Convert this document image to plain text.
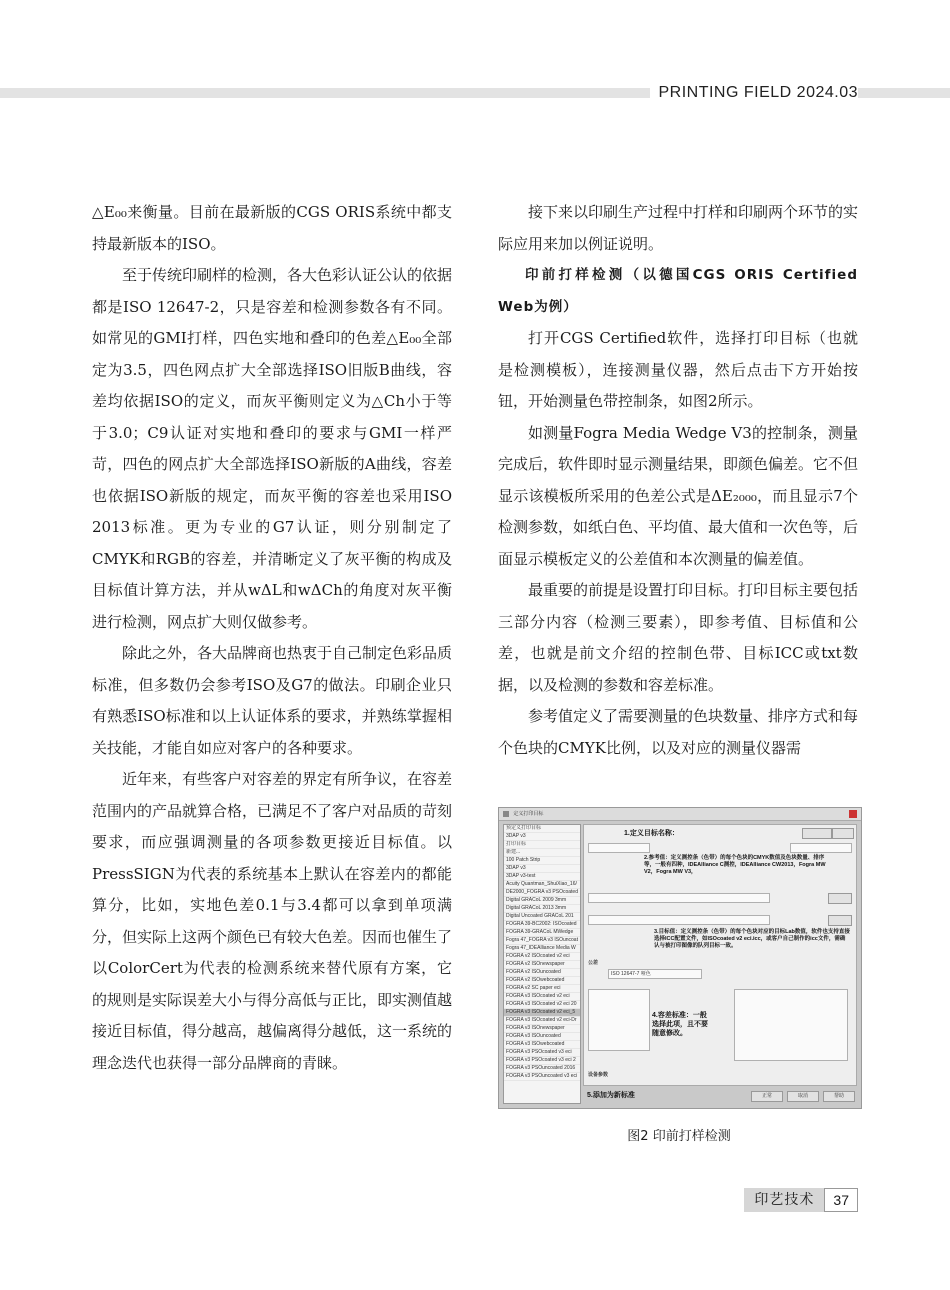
PRINTING FIELD 2024.03

△E₀₀来衡量。目前在最新版的CGS ORIS系统中都支持最新版本的ISO。

至于传统印刷样的检测，各大色彩认证公认的依据都是ISO 12647-2，只是容差和检测参数各有不同。如常见的GMI打样，四色实地和叠印的色差△E₀₀全部定为3.5，四色网点扩大全部选择ISO旧版B曲线，容差均依据ISO的定义，而灰平衡则定义为△Ch小于等于3.0；C9认证对实地和叠印的要求与GMI一样严苛，四色的网点扩大全部选择ISO新版的A曲线，容差也依据ISO新版的规定，而灰平衡的容差也采用ISO 2013标准。更为专业的G7认证，则分别制定了CMYK和RGB的容差，并清晰定义了灰平衡的构成及目标值计算方法，并从wΔL和wΔCh的角度对灰平衡进行检测，网点扩大则仅做参考。

除此之外，各大品牌商也热衷于自己制定色彩品质标准，但多数仍会参考ISO及G7的做法。印刷企业只有熟悉ISO标准和以上认证体系的要求，并熟练掌握相关技能，才能自如应对客户的各种要求。

近年来，有些客户对容差的界定有所争议，在容差范围内的产品就算合格，已满足不了客户对品质的苛刻要求，而应强调测量的各项参数更接近目标值。以PressSIGN为代表的系统基本上默认在容差内的都能算分，比如，实地色差0.1与3.4都可以拿到单项满分，但实际上这两个颜色已有较大色差。因而也催生了以ColorCert为代表的检测系统来替代原有方案，它的规则是实际误差大小与得分高低与正比，即实测值越接近目标值，得分越高，越偏离得分越低，这一系统的理念迭代也获得一部分品牌商的青睐。

接下来以印刷生产过程中打样和印刷两个环节的实际应用来加以例证说明。

印前打样检测（以德国CGS ORIS Certified Web为例）

打开CGS Certified软件，选择打印目标（也就是检测模板），连接测量仪器，然后点击下方开始按钮，开始测量色带控制条，如图2所示。

如测量Fogra Media Wedge V3的控制条，测量完成后，软件即时显示测量结果，即颜色偏差。它不但显示该模板所采用的色差公式是ΔE₂₀₀₀，而且显示7个检测参数，如纸白色、平均值、最大值和一次色等，后面显示模板定义的公差值和本次测量的偏差值。

最重要的前提是设置打印目标。打印目标主要包括三部分内容（检测三要素），即参考值、目标值和公差，也就是前文介绍的控制色带、目标ICC或txt数据，以及检测的参数和容差标准。

参考值定义了需要测量的色块数量、排序方式和每个色块的CMYK比例，以及对应的测量仪器需

定义打印目标
预定义打印目标
3DAP v3
打印目标
新建...
100 Patch Strip
3DAP v3
3DAP v3-test
Acuity Quantman_ShuiXiao_16/
DE2000_FOGRA v3 PSOcoated
Digital GRACoL 2009 3mm
Digital GRACoL 2013 3mm
Digital Uncoated GRACoL 201
FOGRA 39-BC2002: ISOcoated
FOGRA 39-GRACoL MWedge
Fogra 47_FOGRA v3 ISOuncoat
Fogra 47_IDEAlliance Media W
FOGRA v2 ISOcoated v2 eci
FOGRA v2 ISOnewspaper
FOGRA v2 ISOuncoated
FOGRA v2 ISOwebcoated
FOGRA v2 SC paper eci
FOGRA v3 ISOcoated v2 eci
FOGRA v3 ISOcoated v2 eci 20
FOGRA v3 ISOcoated v2 eci_5
FOGRA v3 ISOcoated v2 eci-Dr
FOGRA v3 ISOnewspaper
FOGRA v3 ISOuncoated
FOGRA v3 ISOwebcoated
FOGRA v3 PSOcoated v3 eci
FOGRA v3 PSOcoated v3 eci 2
FOGRA v3 PSOuncoated 2016
FOGRA v3 PSOuncoated v3 eci
1.定义目标名称：
2.参考值：定义测控条（色带）的每个色块的CMYK数值及色块数量、排序等，一般有四种，IDEAlliance C测控，IDEAlliance CW2013，Fogra MW V2，Fogra MW V3，
3.目标值：定义测控条（色带）的每个色块对应的目标Lab数值，软件也支持直接选择ICC配置文件，如ISOcoated v2 eci.icc，或客户自己制作的icc文件，需确认与被打印图像的队列目标一致。
公差
ISO 12647-7 哑色
4.容差标准：一般选择此项，且不要随意修改。
设备参数
5.添加为新标准	正常	取消	帮助
图2 印前打样检测
印艺技术	37
